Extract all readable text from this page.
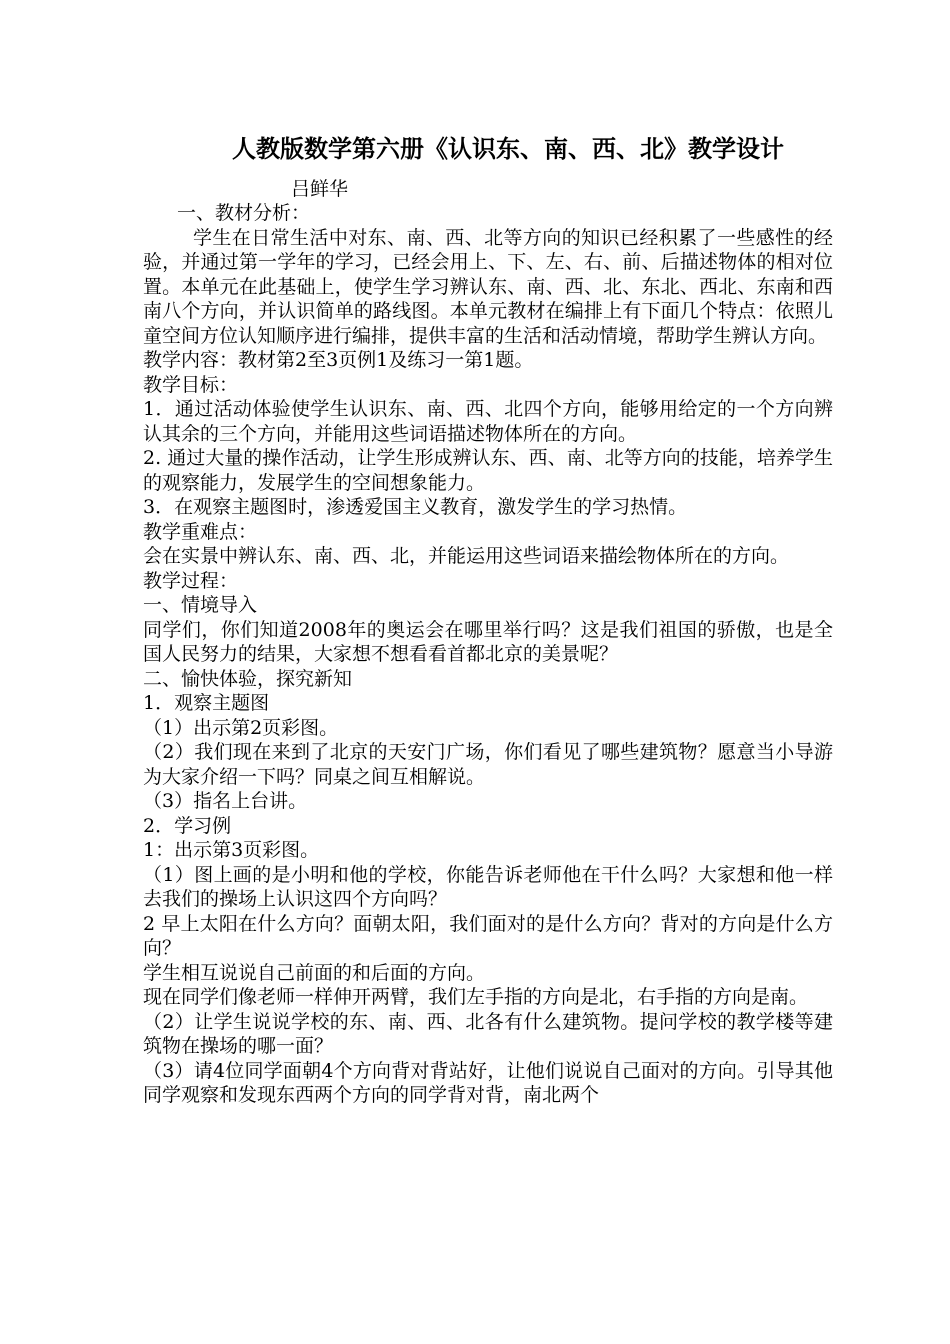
人教版数学第六册《认识东、南、西、北》教学设计
吕鲜华

一、教材分析：

学生在日常生活中对东、南、西、北等方向的知识已经积累了一些感性的经验，并通过第一学年的学习，已经会用上、下、左、右、前、后描述物体的相对位置。本单元在此基础上，使学生学习辨认东、南、西、北、东北、西北、东南和西南八个方向，并认识简单的路线图。本单元教材在编排上有下面几个特点：依照儿童空间方位认知顺序进行编排，提供丰富的生活和活动情境，帮助学生辨认方向。

教学内容：教材第2至3页例1及练习一第1题。

教学目标：

1．通过活动体验使学生认识东、南、西、北四个方向，能够用给定的一个方向辨认其余的三个方向，并能用这些词语描述物体所在的方向。

2. 通过大量的操作活动，让学生形成辨认东、西、南、北等方向的技能，培养学生的观察能力，发展学生的空间想象能力。

3．在观察主题图时，渗透爱国主义教育，激发学生的学习热情。

教学重难点：

会在实景中辨认东、南、西、北，并能运用这些词语来描绘物体所在的方向。

教学过程：

一、情境导入

同学们，你们知道2008年的奥运会在哪里举行吗？这是我们祖国的骄傲，也是全国人民努力的结果，大家想不想看看首都北京的美景呢？

二、愉快体验，探究新知

1．观察主题图

（1）出示第2页彩图。

（2）我们现在来到了北京的天安门广场，你们看见了哪些建筑物？愿意当小导游为大家介绍一下吗？同桌之间互相解说。

（3）指名上台讲。

2．学习例

1：出示第3页彩图。

（1）图上画的是小明和他的学校，你能告诉老师他在干什么吗？大家想和他一样去我们的操场上认识这四个方向吗？

2 早上太阳在什么方向？面朝太阳，我们面对的是什么方向？背对的方向是什么方向？

学生相互说说自己前面的和后面的方向。

现在同学们像老师一样伸开两臂，我们左手指的方向是北，右手指的方向是南。

（2）让学生说说学校的东、南、西、北各有什么建筑物。提问学校的教学楼等建筑物在操场的哪一面？

（3）请4位同学面朝4个方向背对背站好，让他们说说自己面对的方向。引导其他同学观察和发现东西两个方向的同学背对背，南北两个
